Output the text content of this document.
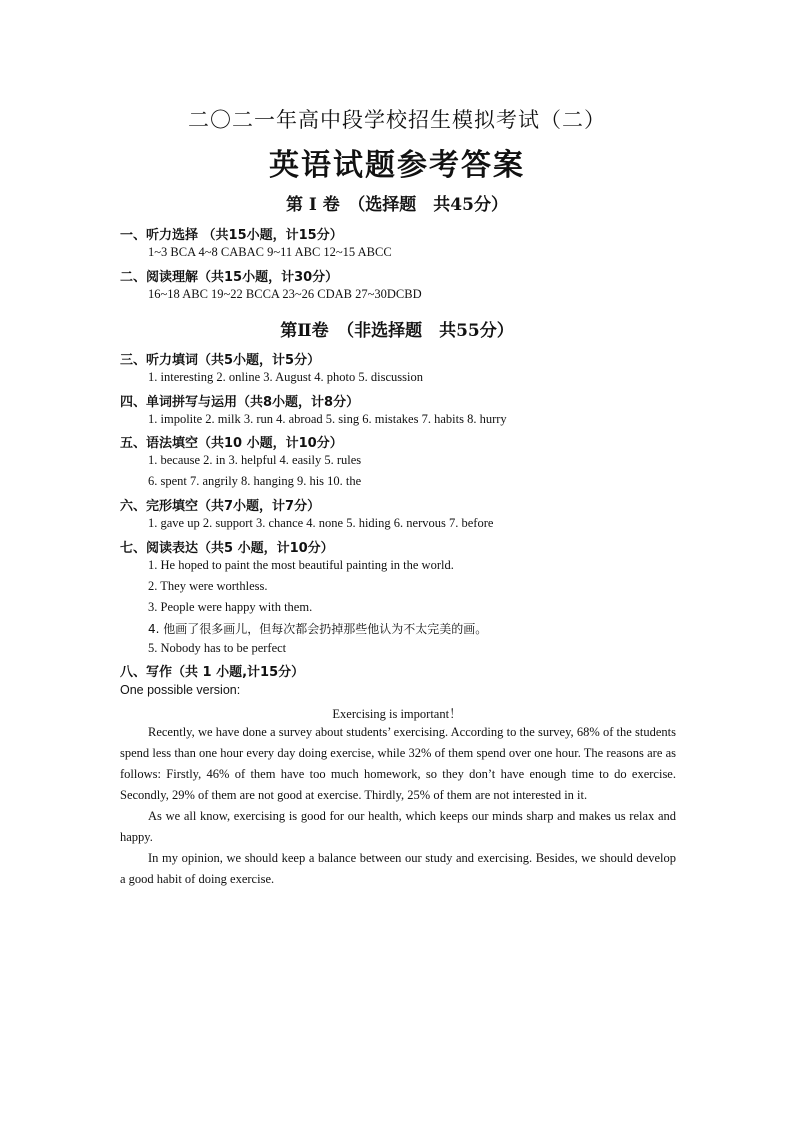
二〇二一年高中段学校招生模拟考试（二）
英语试题参考答案
第 I 卷　（选择题　共45分）
一、听力选择 （共15小题，计15分）
1~3 BCA 4~8 CABAC 9~11 ABC 12~15 ABCC
二、阅读理解（共15小题，计30分）
16~18 ABC 19~22 BCCA 23~26 CDAB 27~30DCBD
第Ⅱ卷　（非选择题　共55分）
三、听力填词（共5小题，计5分）
1. interesting 2. online 3. August 4. photo 5. discussion
四、单词拼写与运用（共8小题，计8分）
1. impolite 2. milk 3. run 4. abroad 5. sing 6. mistakes 7. habits 8. hurry
五、语法填空（共10 小题，计10分）
1. because 2. in 3. helpful 4. easily 5. rules
6. spent 7. angrily 8. hanging 9. his 10. the
六、完形填空（共7小题，计7分）
1. gave up 2. support 3. chance 4. none 5. hiding 6. nervous 7. before
七、阅读表达（共5 小题，计10分）
1. He hoped to paint the most beautiful painting in the world.
2. They were worthless.
3. People were happy with them.
4. 他画了很多画儿，但每次都会扔掉那些他认为不太完美的画。
5. Nobody has to be perfect
八、写作（共 1 小题,计15分）
One possible version:
Exercising is important！

Recently, we have done a survey about students’ exercising. According to the survey, 68% of the students spend less than one hour every day doing exercise, while 32% of them spend over one hour. The reasons are as follows: Firstly, 46% of them have too much homework, so they don’t have enough time to do exercise. Secondly, 29% of them are not good at exercise. Thirdly, 25% of them are not interested in it.

As we all know, exercising is good for our health, which keeps our minds sharp and makes us relax and happy.

In my opinion, we should keep a balance between our study and exercising. Besides, we should develop a good habit of doing exercise.
